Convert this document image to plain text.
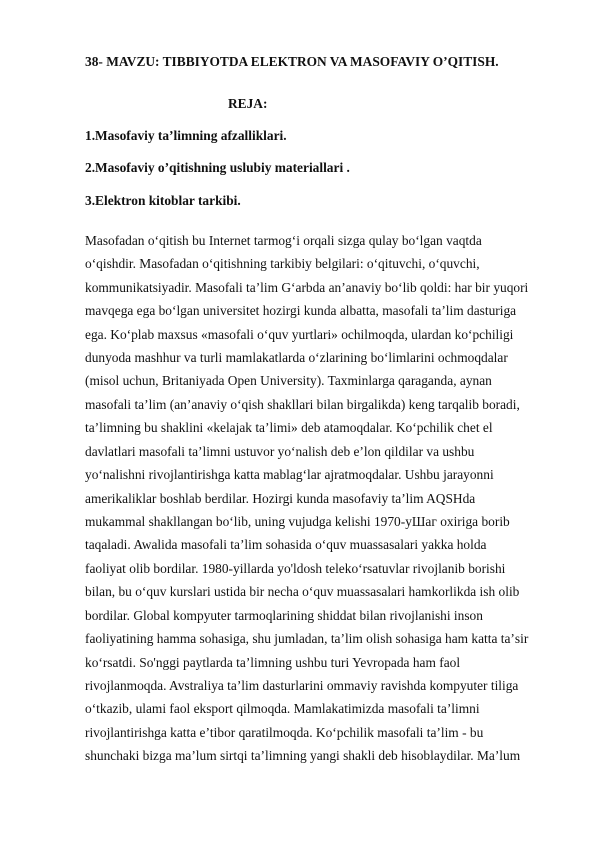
38- MAVZU: TIBBIYOTDA ELEKTRON VA MASOFAVIY O’QITISH.
REJA:
1.Masofaviy ta’limning afzalliklari.
2.Masofaviy o’qitishning uslubiy materiallari .
3.Elektron kitoblar tarkibi.
Masofadan oʻqitish bu Internet tarmogʻi orqali sizga qulay boʻlgan vaqtda
oʻqishdir. Masofadan oʻqitishning tarkibiy belgilari: oʻqituvchi, oʻquvchi,
kommunikatsiyadir. Masofali taʼlim Gʻarbda anʼanaviy boʻlib qoldi: har bir yuqori
mavqega ega boʻlgan universitet hozirgi kunda albatta, masofali taʼlim dasturiga
ega. Koʻplab maxsus «masofali oʻquv yurtlari» ochilmoqda, ulardan koʻpchiligi
dunyoda mashhur va turli mamlakatlarda oʻzlarining boʻlimlarini ochmoqdalar
(misol uchun, Britaniyada Open University). Taxminlarga qaraganda, aynan
masofali taʼlim (anʼanaviy oʻqish shakllari bilan birgalikda) keng tarqalib boradi,
taʼlimning bu shaklini «kelajak taʼlimi» deb atamoqdalar. Koʻpchilik chet el
davlatlari masofali taʼlimni ustuvor yoʻnalish deb eʼlon qildilar va ushbu
yoʻnalishni rivojlantirishga katta mablagʻlar ajratmoqdalar. Ushbu jarayonni
amerikaliklar boshlab berdilar. Hozirgi kunda masofaviy taʼlim AQSHda
mukammal shakllangan boʻlib, uning vujudga kelishi 1970-уШаг oxiriga borib
taqaladi. Awalida masofali taʼlim sohasida oʻquv muassasalari yakka holda
faoliyat olib bordilar. 1980-yillarda yo'ldosh telekoʻrsatuvlar rivojlanib borishi
bilan, bu oʻquv kurslari ustida bir necha oʻquv muassasalari hamkorlikda ish olib
bordilar. Global kompyuter tarmoqlarining shiddat bilan rivojlanishi inson
faoliyatining hamma sohasiga, shu jumladan, taʼlim olish sohasiga ham katta taʼsir
koʻrsatdi. So'nggi paytlarda taʼlimning ushbu turi Yevropada ham faol
rivojlanmoqda. Avstraliya taʼlim dasturlarini ommaviy ravishda kompyuter tiliga
oʻtkazib, ulami faol eksport qilmoqda. Mamlakatimizda masofali taʼlimni
rivojlantirishga katta eʼtibor qaratilmoqda. Koʻpchilik masofali taʼlim - bu
shunchaki bizga maʼlum sirtqi taʼlimning yangi shakli deb hisoblaydilar. Maʼlum
